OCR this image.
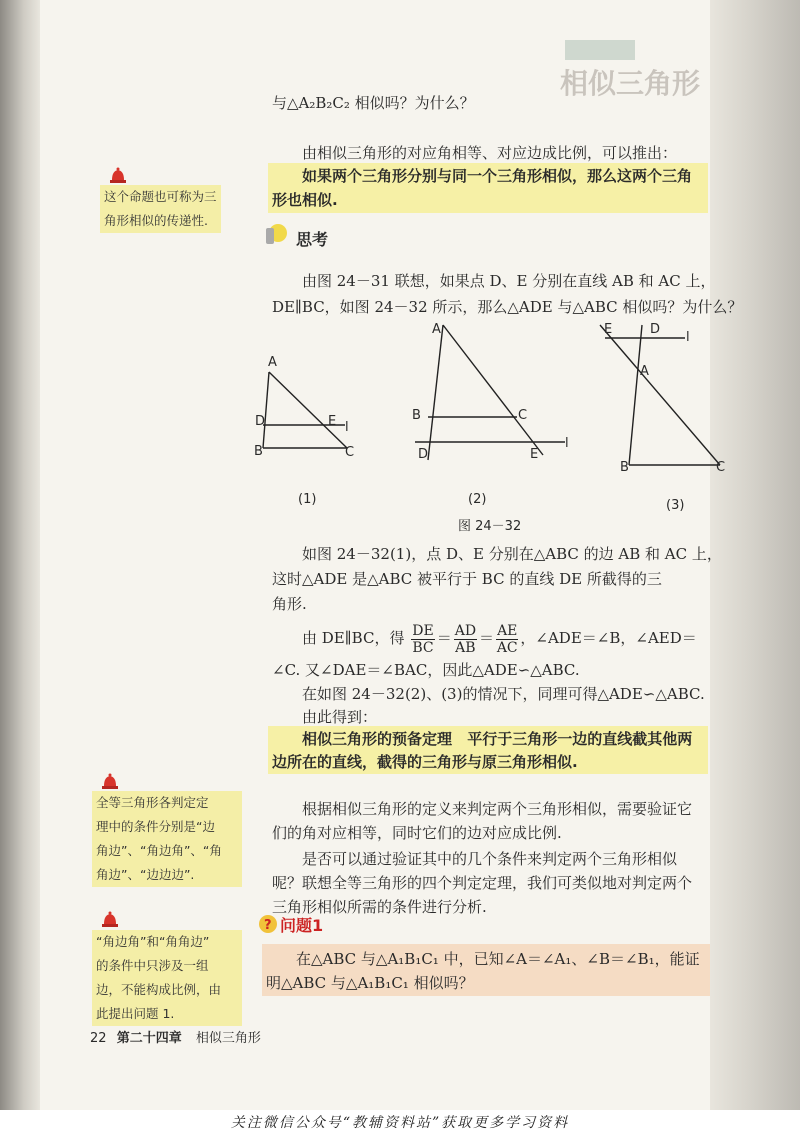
相似三角形
与△A₂B₂C₂ 相似吗？为什么？
由相似三角形的对应角相等、对应边成比例，可以推出：
如果两个三角形分别与同一个三角形相似，那么这两个三角
形也相似.
这个命题也可称为三
角形相似的传递性.
思考
由图 24－31 联想，如果点 D、E 分别在直线 AB 和 AC 上，
DE∥BC，如图 24－32 所示，那么△ADE 与△ABC 相似吗？为什么？
A
D	E l
B	C
A
B	C
D	E
l
E	D
l
A
B	C
(1)	(2)	(3)
图 24－32
如图 24－32(1)，点 D、E 分别在△ABC 的边 AB 和 AC 上，
这时△ADE 是△ABC 被平行于 BC 的直线 DE 所截得的三
角形.
由 DE∥BC，得 $\frac{DE}{BC} = \frac{AD}{AB} = \frac{AE}{AC}$ ，∠ADE＝∠B，∠AED＝
∠C. 又∠DAE＝∠BAC，因此△ADE∽△ABC.
在如图 24－32(2)、(3)的情况下，同理可得△ADE∽△ABC.
由此得到：
相似三角形的预备定理 平行于三角形一边的直线截其他两
边所在的直线，截得的三角形与原三角形相似.
全等三角形各判定定
理中的条件分别是“边
角边”、“角边角”、“角
角边”、“边边边”.
根据相似三角形的定义来判定两个三角形相似，需要验证它
们的角对应相等，同时它们的边对应成比例.
是否可以通过验证其中的几个条件来判定两个三角形相似
呢？联想全等三角形的四个判定定理，我们可类似地对判定两个
三角形相似所需的条件进行分析.
“角边角”和“角角边”
的条件中只涉及一组
边，不能构成比例，由
此提出问题 1.
? 问题1
在△ABC 与△A₁B₁C₁ 中，已知∠A＝∠A₁、∠B＝∠B₁，能证
明△ABC 与△A₁B₁C₁ 相似吗？
22 第二十四章 相似三角形
关注微信公众号“教辅资料站”获取更多学习资料
